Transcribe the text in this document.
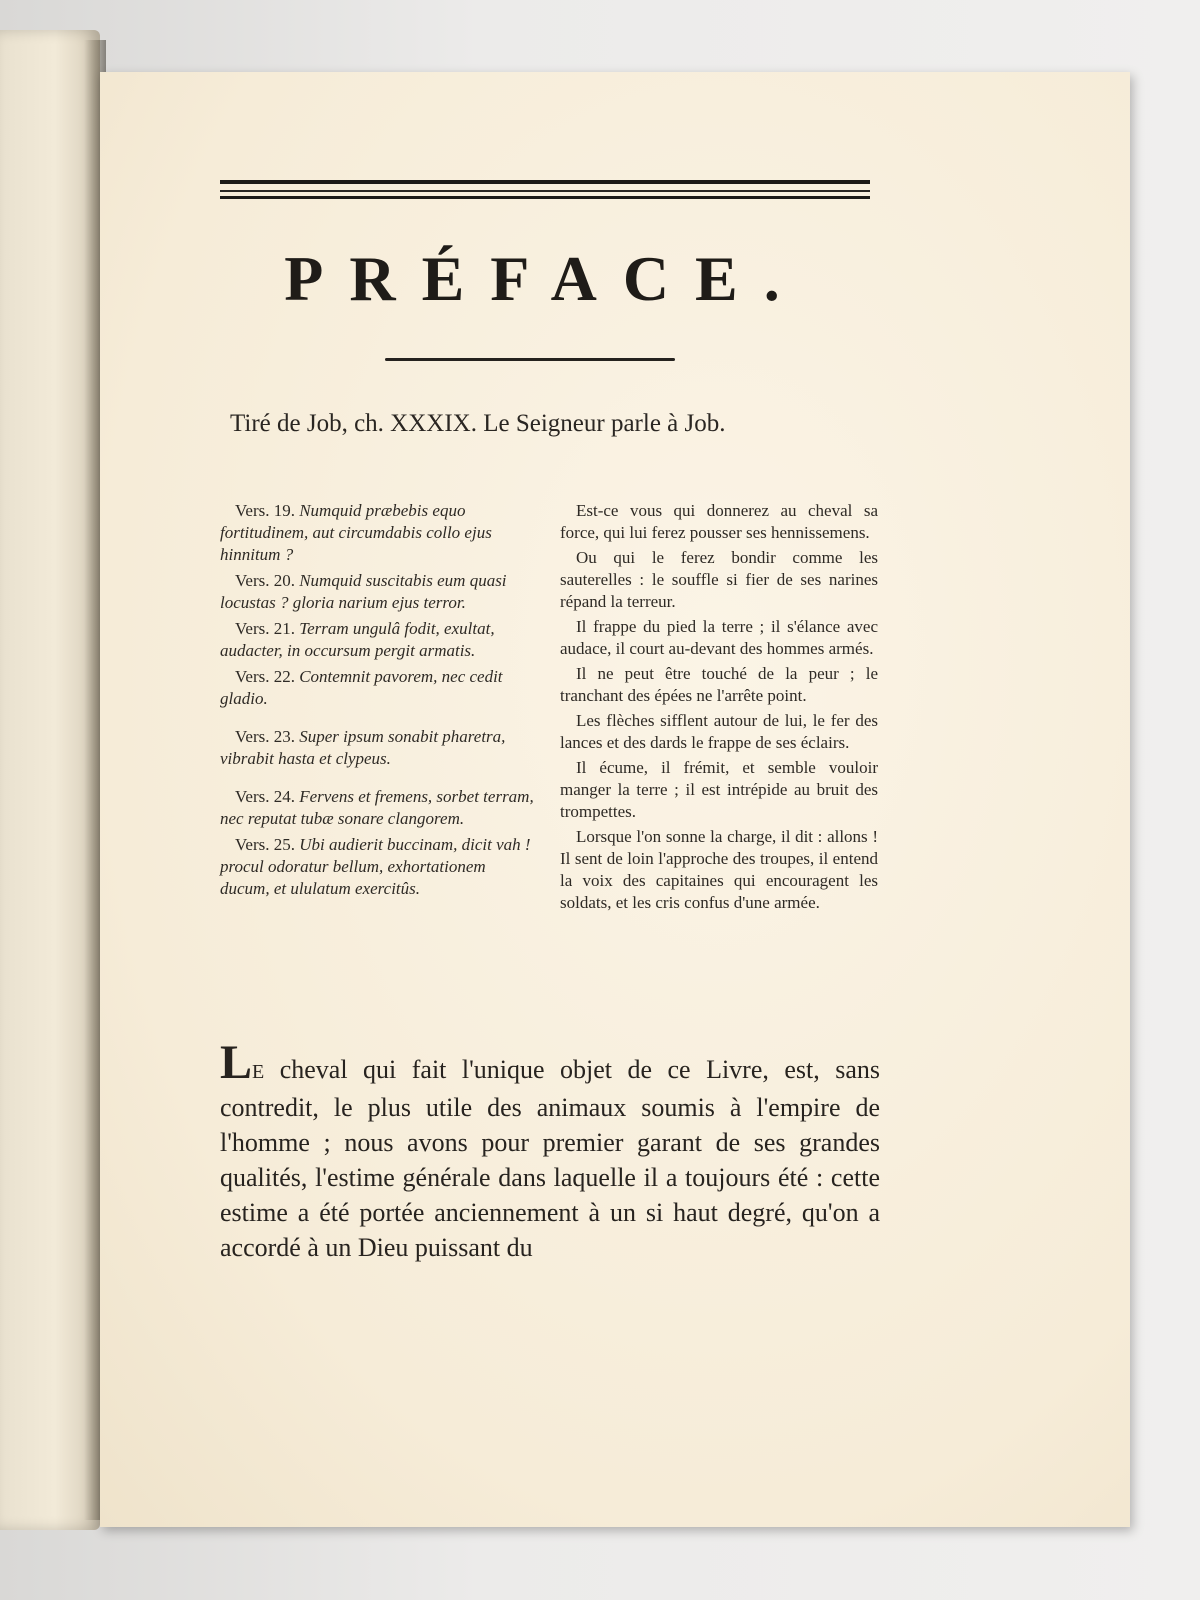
PRÉFACE.
Tiré de Job, ch. XXXIX. Le Seigneur parle à Job.

Vers. 19. Numquid præbebis equo fortitudinem, aut circumdabis collo ejus hinnitum ?

Vers. 20. Numquid suscitabis eum quasi locustas ? gloria narium ejus terror.

Vers. 21. Terram ungulâ fodit, exultat, audacter, in occursum pergit armatis.

Vers. 22. Contemnit pavorem, nec cedit gladio.

Vers. 23. Super ipsum sonabit pharetra, vibrabit hasta et clypeus.

Vers. 24. Fervens et fremens, sorbet terram, nec reputat tubæ sonare clangorem.

Vers. 25. Ubi audierit buccinam, dicit vah ! procul odoratur bellum, exhortationem ducum, et ululatum exercitûs.

Est-ce vous qui donnerez au cheval sa force, qui lui ferez pousser ses hennissemens.

Ou qui le ferez bondir comme les sauterelles : le souffle si fier de ses narines répand la terreur.

Il frappe du pied la terre ; il s'élance avec audace, il court au-devant des hommes armés.

Il ne peut être touché de la peur ; le tranchant des épées ne l'arrête point.

Les flèches sifflent autour de lui, le fer des lances et des dards le frappe de ses éclairs.

Il écume, il frémit, et semble vouloir manger la terre ; il est intrépide au bruit des trompettes.

Lorsque l'on sonne la charge, il dit : allons ! Il sent de loin l'approche des troupes, il entend la voix des capitaines qui encouragent les soldats, et les cris confus d'une armée.

LE cheval qui fait l'unique objet de ce Livre, est, sans contredit, le plus utile des animaux soumis à l'empire de l'homme ; nous avons pour premier garant de ses grandes qualités, l'estime générale dans laquelle il a toujours été : cette estime a été portée anciennement à un si haut degré, qu'on a accordé à un Dieu puissant du
